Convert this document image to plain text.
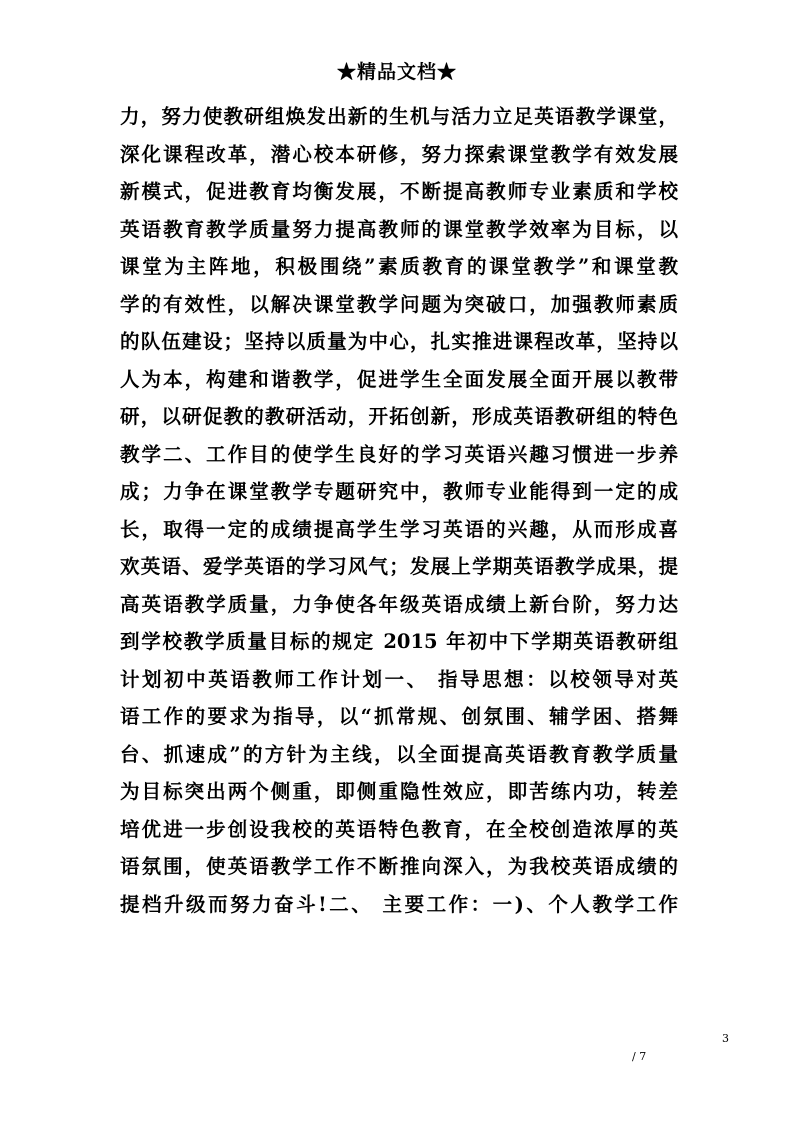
★精品文档★
力，努力使教研组焕发出新的生机与活力立足英语教学课堂，
深化课程改革，潜心校本研修，努力探索课堂教学有效发展
新模式，促进教育均衡发展，不断提高教师专业素质和学校
英语教育教学质量努力提高教师的课堂教学效率为目标，以
课堂为主阵地，积极围绕”素质教育的课堂教学”和课堂教
学的有效性，以解决课堂教学问题为突破口，加强教师素质
的队伍建设；坚持以质量为中心，扎实推进课程改革，坚持以
人为本，构建和谐教学，促进学生全面发展全面开展以教带
研，以研促教的教研活动，开拓创新，形成英语教研组的特色
教学二、工作目的使学生良好的学习英语兴趣习惯进一步养
成；力争在课堂教学专题研究中，教师专业能得到一定的成
长，取得一定的成绩提高学生学习英语的兴趣，从而形成喜
欢英语、爱学英语的学习风气；发展上学期英语教学成果，提
高英语教学质量，力争使各年级英语成绩上新台阶，努力达
到学校教学质量目标的规定 2015 年初中下学期英语教研组
计划初中英语教师工作计划一、 指导思想：以校领导对英
语工作的要求为指导，以“抓常规、创氛围、辅学困、搭舞
台、抓速成”的方针为主线，以全面提高英语教育教学质量
为目标突出两个侧重，即侧重隐性效应，即苦练内功，转差
培优进一步创设我校的英语特色教育，在全校创造浓厚的英
语氛围，使英语教学工作不断推向深入，为我校英语成绩的
提档升级而努力奋斗!二、 主要工作：一)、个人教学工作
3
/ 7
